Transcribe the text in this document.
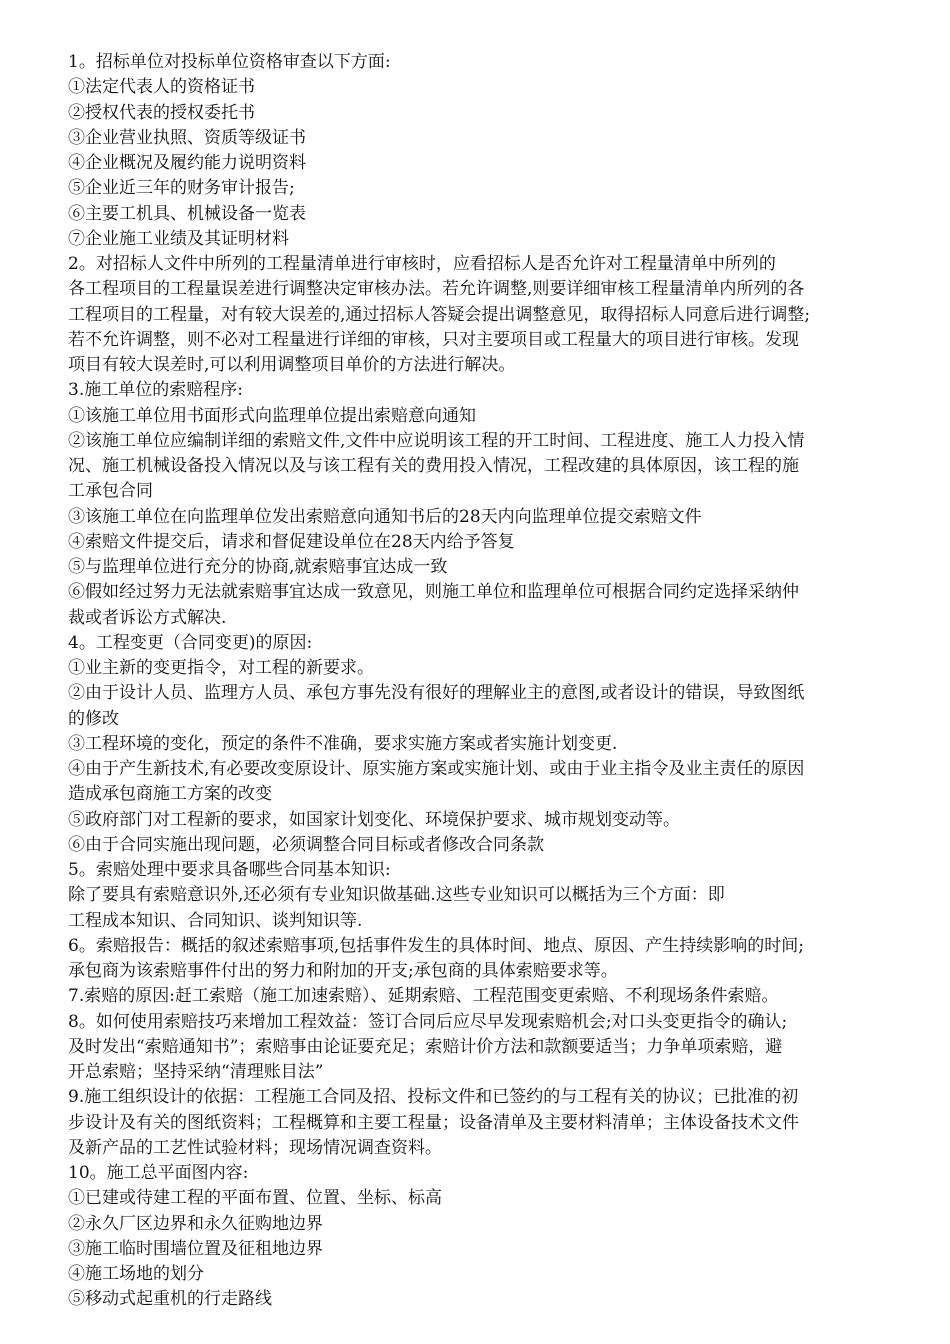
1。招标单位对投标单位资格审查以下方面:
①法定代表人的资格证书
②授权代表的授权委托书
③企业营业执照、资质等级证书
④企业概况及履约能力说明资料
⑤企业近三年的财务审计报告;
⑥主要工机具、机械设备一览表
⑦企业施工业绩及其证明材料
2。对招标人文件中所列的工程量清单进行审核时，应看招标人是否允许对工程量清单中所列的
各工程项目的工程量误差进行调整决定审核办法。若允许调整,则要详细审核工程量清单内所列的各
工程项目的工程量，对有较大误差的,通过招标人答疑会提出调整意见，取得招标人同意后进行调整;
若不允许调整，则不必对工程量进行详细的审核，只对主要项目或工程量大的项目进行审核。发现
项目有较大误差时,可以利用调整项目单价的方法进行解决。
3.施工单位的索赔程序:
①该施工单位用书面形式向监理单位提出索赔意向通知
②该施工单位应编制详细的索赔文件,文件中应说明该工程的开工时间、工程进度、施工人力投入情
况、施工机械设备投入情况以及与该工程有关的费用投入情况，工程改建的具体原因，该工程的施
工承包合同
③该施工单位在向监理单位发出索赔意向通知书后的28天内向监理单位提交索赔文件
④索赔文件提交后，请求和督促建设单位在28天内给予答复
⑤与监理单位进行充分的协商,就索赔事宜达成一致
⑥假如经过努力无法就索赔事宜达成一致意见，则施工单位和监理单位可根据合同约定选择采纳仲
裁或者诉讼方式解决.
4。工程变更（合同变更)的原因:
①业主新的变更指令，对工程的新要求。
②由于设计人员、监理方人员、承包方事先没有很好的理解业主的意图,或者设计的错误，导致图纸
的修改
③工程环境的变化，预定的条件不准确，要求实施方案或者实施计划变更.
④由于产生新技术,有必要改变原设计、原实施方案或实施计划、或由于业主指令及业主责任的原因
造成承包商施工方案的改变
⑤政府部门对工程新的要求，如国家计划变化、环境保护要求、城市规划变动等。
⑥由于合同实施出现问题，必须调整合同目标或者修改合同条款
5。索赔处理中要求具备哪些合同基本知识:
除了要具有索赔意识外,还必须有专业知识做基础.这些专业知识可以概括为三个方面：即
工程成本知识、合同知识、谈判知识等.
6。索赔报告：概括的叙述索赔事项,包括事件发生的具体时间、地点、原因、产生持续影响的时间;
承包商为该索赔事件付出的努力和附加的开支;承包商的具体索赔要求等。
7.索赔的原因:赶工索赔（施工加速索赔）、延期索赔、工程范围变更索赔、不利现场条件索赔。
8。如何使用索赔技巧来增加工程效益：签订合同后应尽早发现索赔机会;对口头变更指令的确认;
及时发出“索赔通知书”；索赔事由论证要充足；索赔计价方法和款额要适当；力争单项索赔，避
开总索赔；坚持采纳“清理账目法”
9.施工组织设计的依据：工程施工合同及招、投标文件和已签约的与工程有关的协议；已批准的初
步设计及有关的图纸资料；工程概算和主要工程量；设备清单及主要材料清单；主体设备技术文件
及新产品的工艺性试验材料；现场情况调查资料。
10。施工总平面图内容:
①已建或待建工程的平面布置、位置、坐标、标高
②永久厂区边界和永久征购地边界
③施工临时围墙位置及征租地边界
④施工场地的划分
⑤移动式起重机的行走路线
